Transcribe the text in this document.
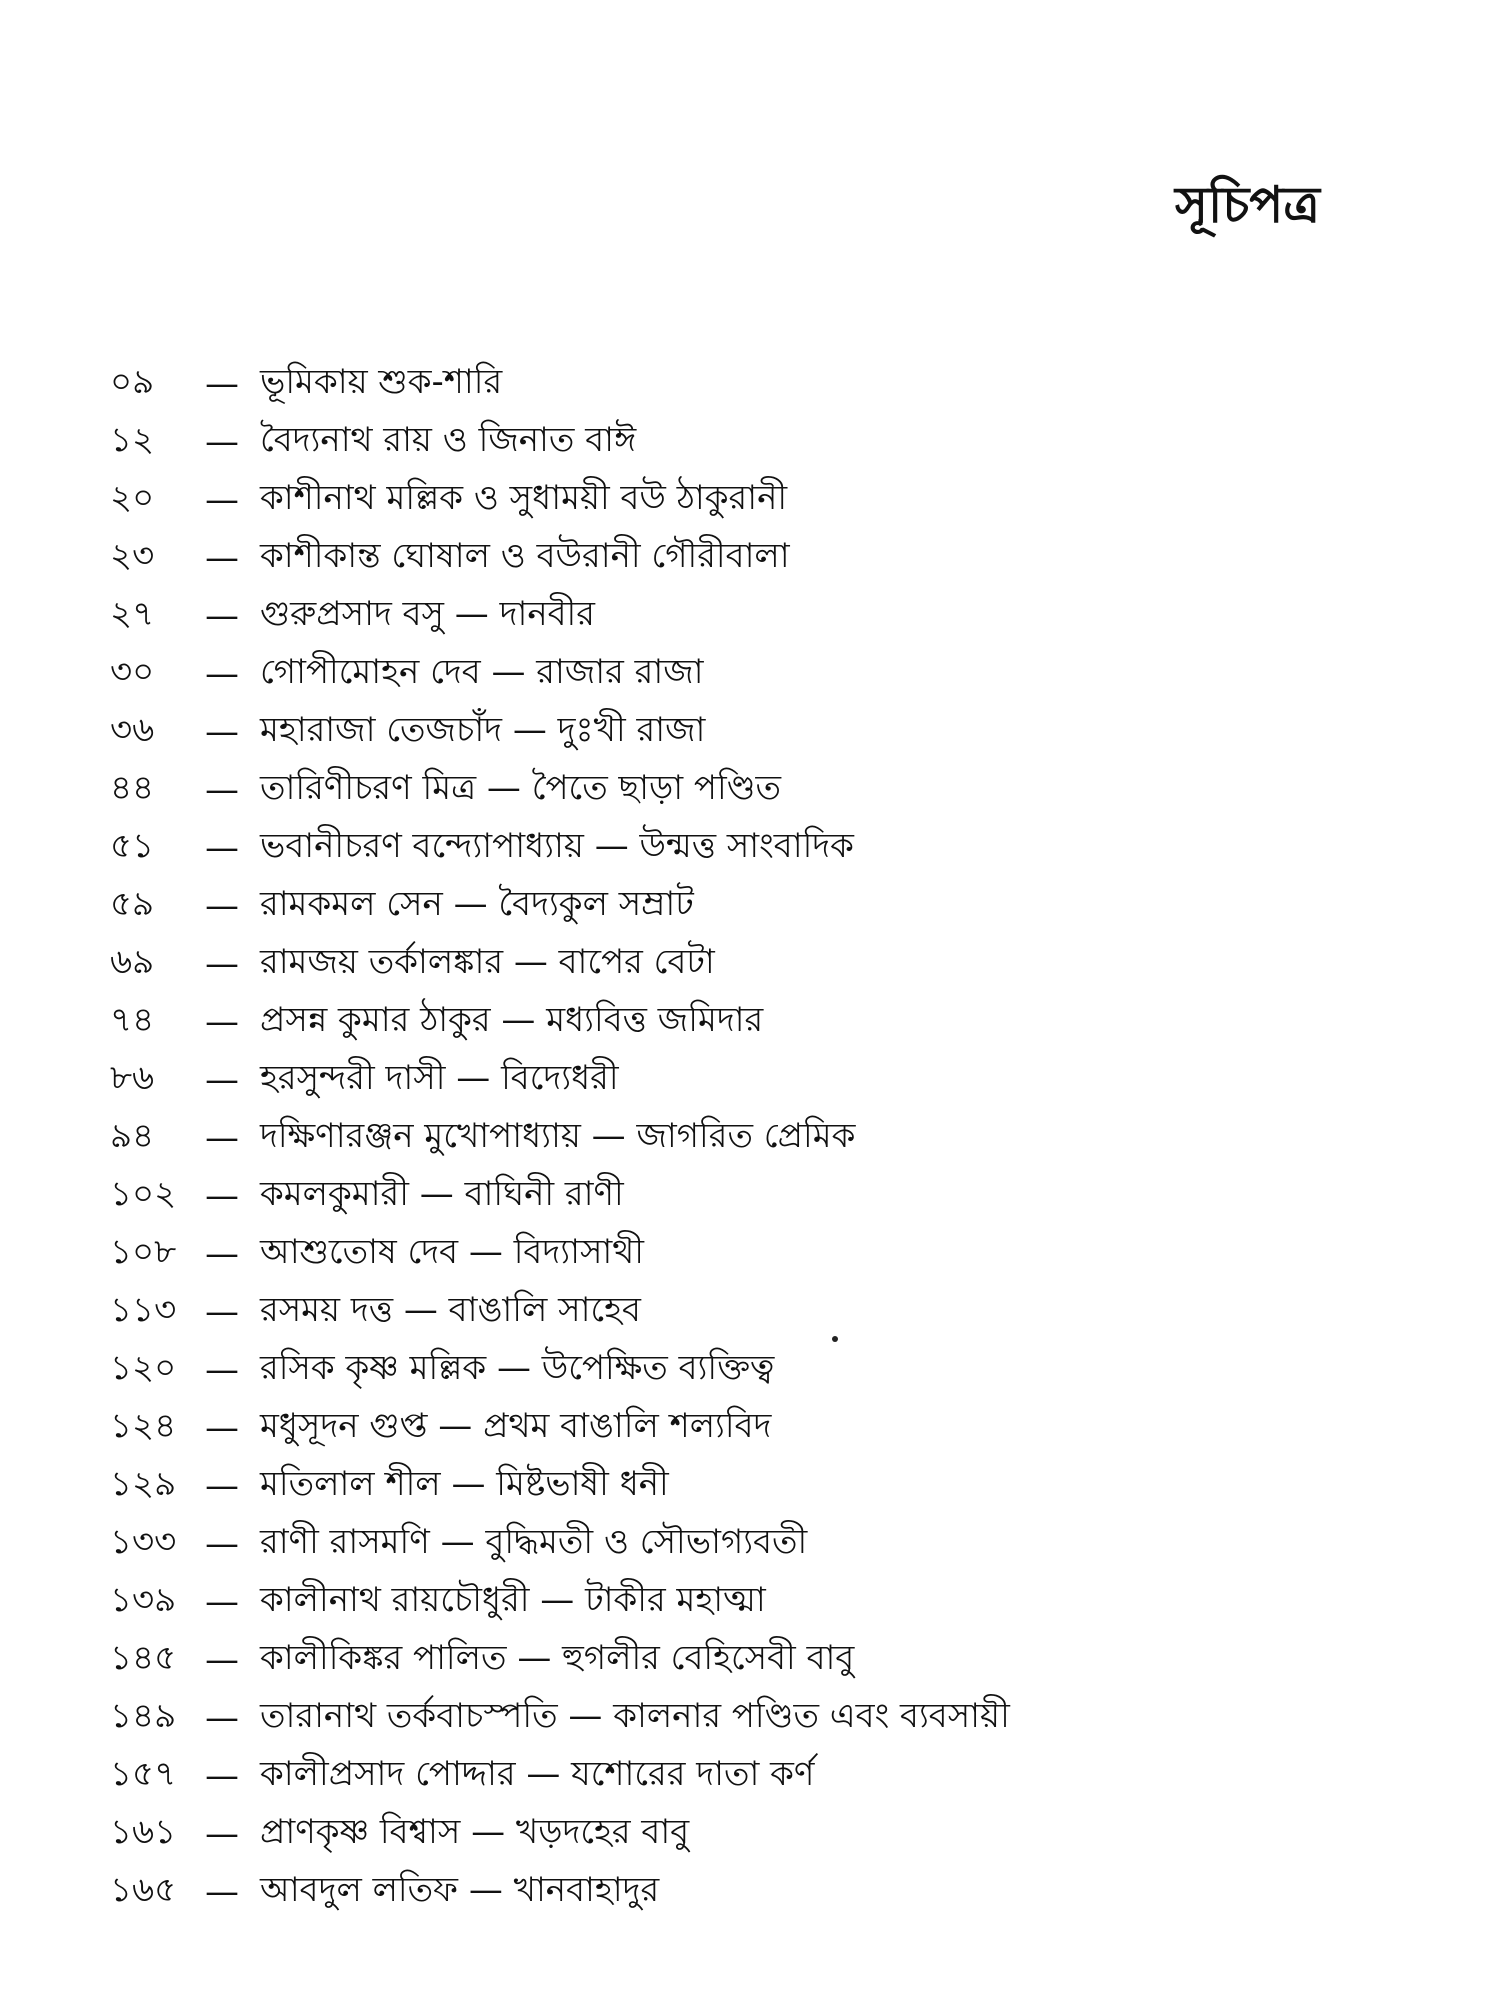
সূচিপত্র
০৯	— ভূমিকায় শুক-শারি
১২	— বৈদ্যনাথ রায় ও জিনাত বাঈ
২০	— কাশীনাথ মল্লিক ও সুধাময়ী বউ ঠাকুরানী
২৩	— কাশীকান্ত ঘোষাল ও বউরানী গৌরীবালা
২৭	— গুরুপ্রসাদ বসু — দানবীর
৩০	— গোপীমোহন দেব — রাজার রাজা
৩৬	— মহারাজা তেজচাঁদ — দুঃখী রাজা
৪৪	— তারিণীচরণ মিত্র — পৈতে ছাড়া পণ্ডিত
৫১	— ভবানীচরণ বন্দ্যোপাধ্যায় — উন্মত্ত সাংবাদিক
৫৯	— রামকমল সেন — বৈদ্যকুল সম্রাট
৬৯	— রামজয় তর্কালঙ্কার — বাপের বেটা
৭৪	— প্রসন্ন কুমার ঠাকুর — মধ্যবিত্ত জমিদার
৮৬	— হরসুন্দরী দাসী — বিদ্যেধরী
৯৪	— দক্ষিণারঞ্জন মুখোপাধ্যায় — জাগরিত প্রেমিক
১০২ — কমলকুমারী — বাঘিনী রাণী
১০৮ — আশুতোষ দেব — বিদ্যাসাথী
১১৩ — রসময় দত্ত — বাঙালি সাহেব
১২০ — রসিক কৃষ্ণ মল্লিক — উপেক্ষিত ব্যক্তিত্ব
১২৪ — মধুসূদন গুপ্ত — প্রথম বাঙালি শল্যবিদ
১২৯ — মতিলাল শীল — মিষ্টভাষী ধনী
১৩৩ — রাণী রাসমণি — বুদ্ধিমতী ও সৌভাগ্যবতী
১৩৯ — কালীনাথ রায়চৌধুরী — টাকীর মহাত্মা
১৪৫ — কালীকিঙ্কর পালিত — হুগলীর বেহিসেবী বাবু
১৪৯ — তারানাথ তর্কবাচস্পতি — কালনার পণ্ডিত এবং ব্যবসায়ী
১৫৭ — কালীপ্রসাদ পোদ্দার — যশোরের দাতা কর্ণ
১৬১ — প্রাণকৃষ্ণ বিশ্বাস — খড়দহের বাবু
১৬৫ — আবদুল লতিফ — খানবাহাদুর
